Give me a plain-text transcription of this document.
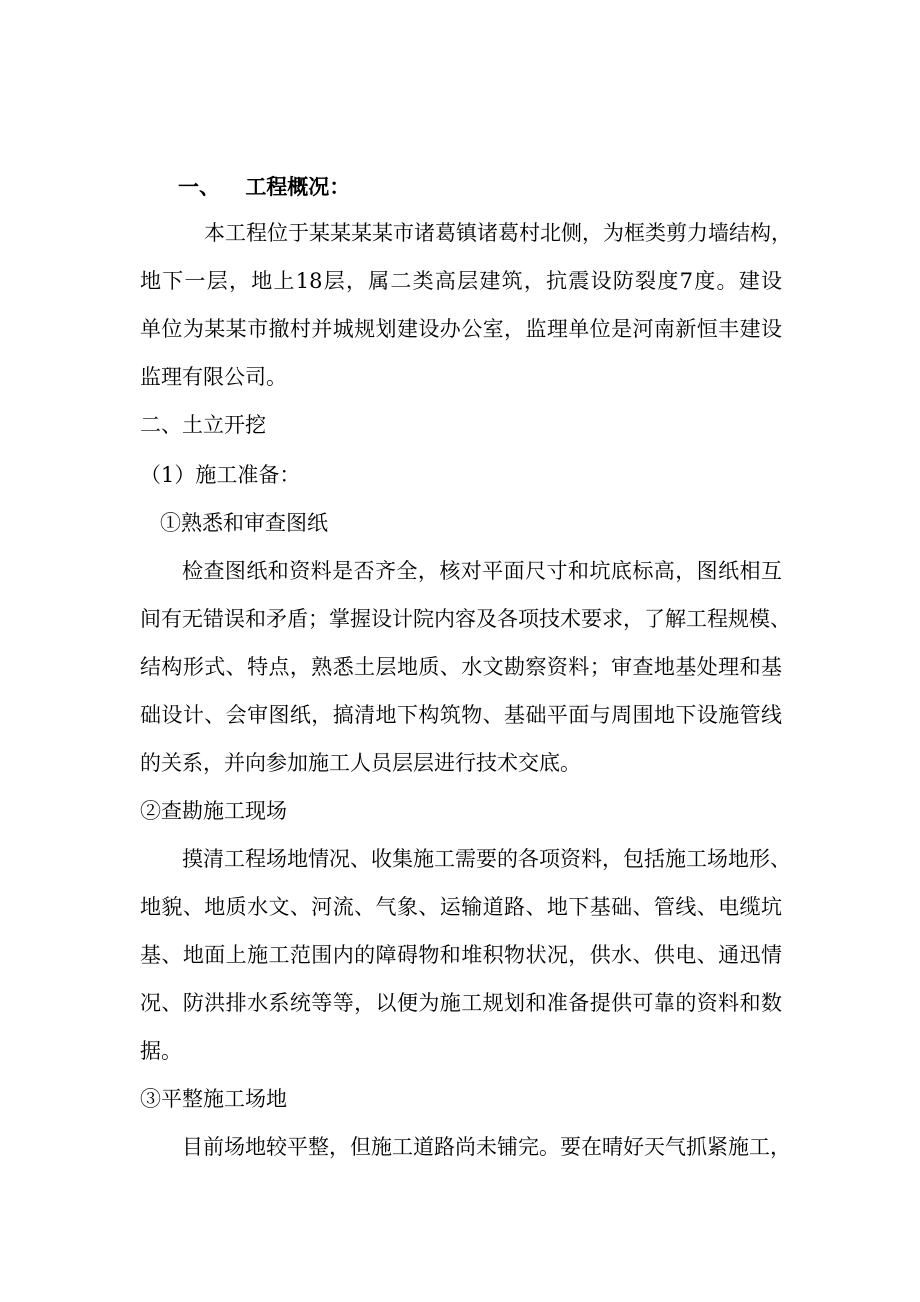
一、 工程概况：
本工程位于某某某某市诸葛镇诸葛村北侧，为框类剪力墙结构，
地下一层，地上18层，属二类高层建筑，抗震设防裂度7度。建设
单位为某某市撤村并城规划建设办公室，监理单位是河南新恒丰建设
监理有限公司。
二、土立开挖
（1）施工准备：
①熟悉和审查图纸
检查图纸和资料是否齐全，核对平面尺寸和坑底标高，图纸相互
间有无错误和矛盾；掌握设计院内容及各项技术要求，了解工程规模、
结构形式、特点，熟悉土层地质、水文勘察资料；审查地基处理和基
础设计、会审图纸，搞清地下构筑物、基础平面与周围地下设施管线
的关系，并向参加施工人员层层进行技术交底。
②查勘施工现场
摸清工程场地情况、收集施工需要的各项资料，包括施工场地形、
地貌、地质水文、河流、气象、运输道路、地下基础、管线、电缆坑
基、地面上施工范围内的障碍物和堆积物状况，供水、供电、通迅情
况、防洪排水系统等等，以便为施工规划和准备提供可靠的资料和数
据。
③平整施工场地
目前场地较平整，但施工道路尚未铺完。要在晴好天气抓紧施工，
